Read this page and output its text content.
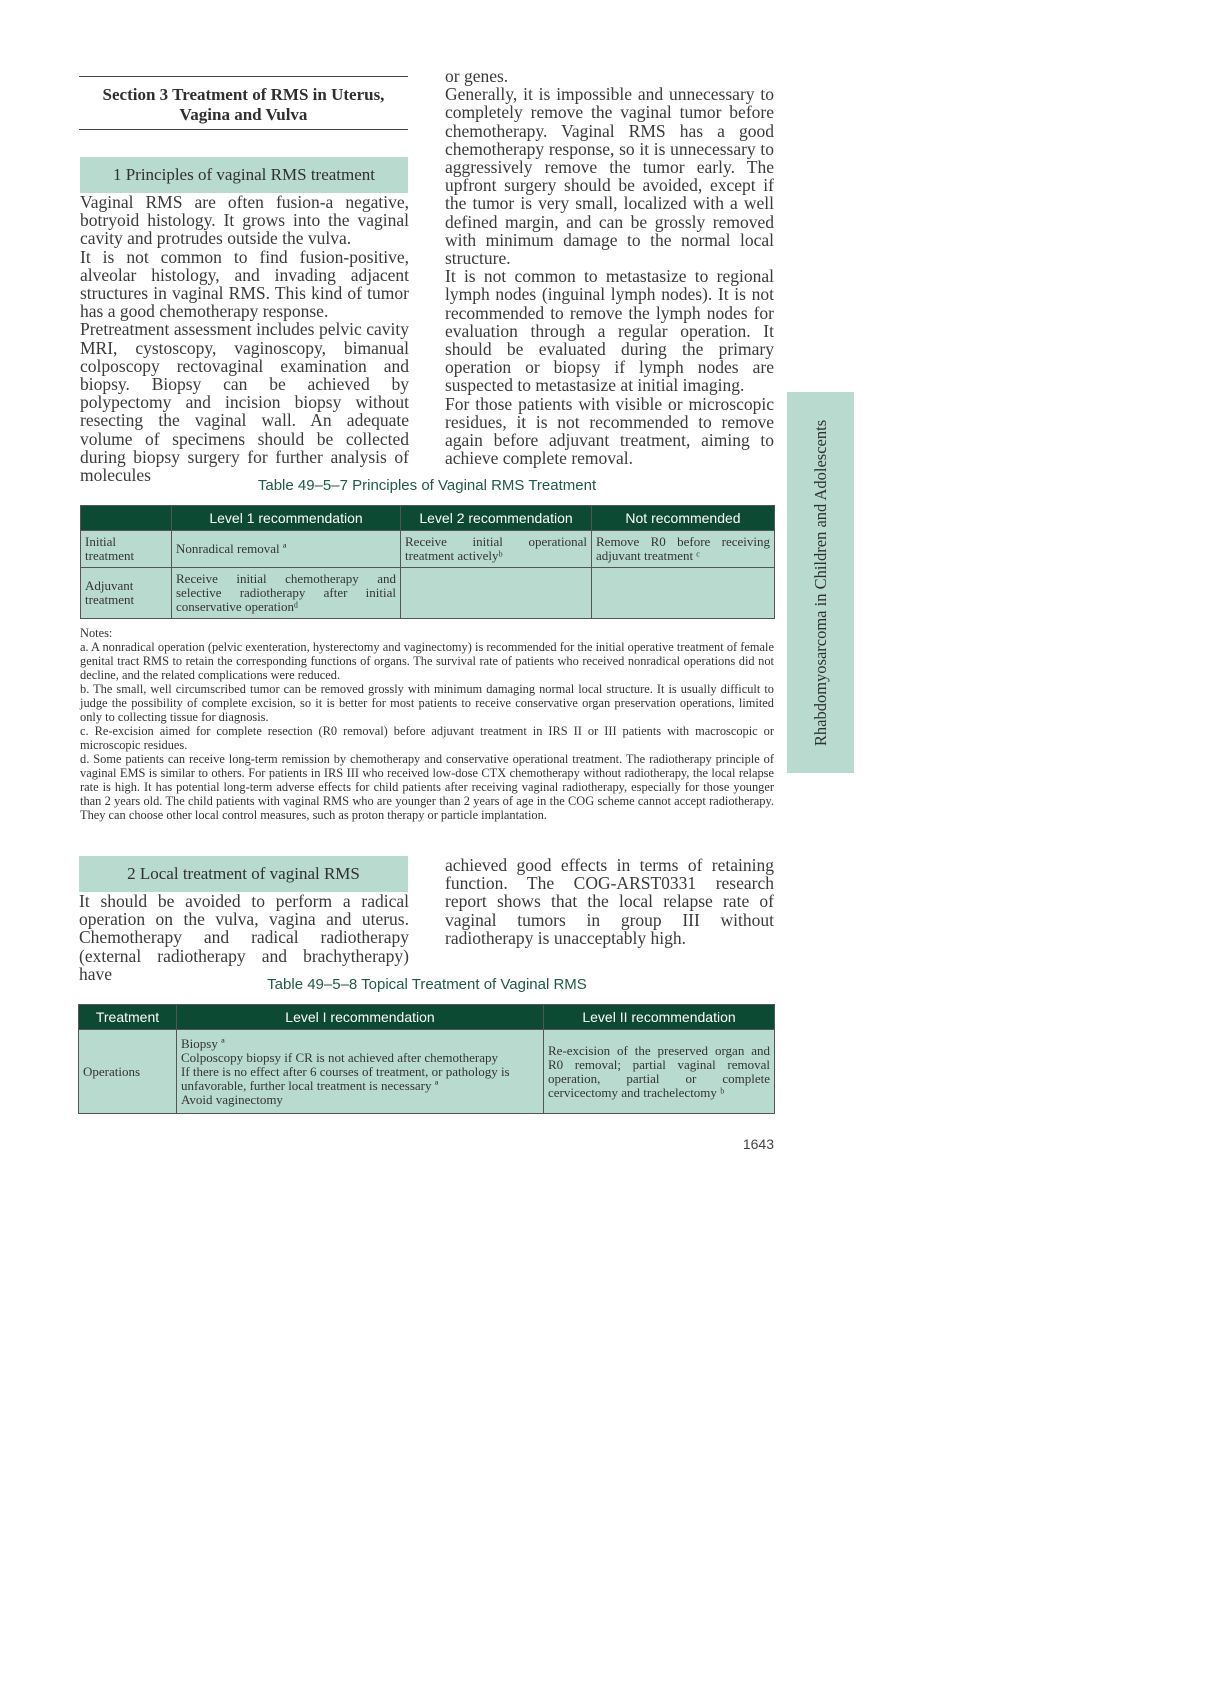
Section 3 Treatment of RMS in Uterus,
Vagina and Vulva
1 Principles of vaginal RMS treatment

Vaginal RMS are often fusion-a negative, botryoid histology. It grows into the vaginal cavity and protrudes outside the vulva.

It is not common to find fusion-positive, alveolar histology, and invading adjacent structures in vaginal RMS. This kind of tumor has a good chemotherapy response.

Pretreatment assessment includes pelvic cavity MRI, cystoscopy, vaginoscopy, bimanual colposcopy rectovaginal examination and biopsy. Biopsy can be achieved by polypectomy and incision biopsy without resecting the vaginal wall. An adequate volume of specimens should be collected during biopsy surgery for further analysis of molecules

or genes.

Generally, it is impossible and unnecessary to completely remove the vaginal tumor before chemotherapy. Vaginal RMS has a good chemotherapy response, so it is unnecessary to aggressively remove the tumor early. The upfront surgery should be avoided, except if the tumor is very small, localized with a well defined margin, and can be grossly removed with minimum damage to the normal local structure.

It is not common to metastasize to regional lymph nodes (inguinal lymph nodes). It is not recommended to remove the lymph nodes for evaluation through a regular operation. It should be evaluated during the primary operation or biopsy if lymph nodes are suspected to metastasize at initial imaging.

For those patients with visible or microscopic residues, it is not recommended to remove again before adjuvant treatment, aiming to achieve complete removal.

Table 49–5–7 Principles of Vaginal RMS Treatment
	Level 1 recommendation	Level 2 recommendation	Not recommended
Initial treatment	Nonradical removal ª	Receive initial operational treatment activelyᵇ	Remove R0 before receiving adjuvant treatment ᶜ
Adjuvant treatment	Receive initial chemotherapy and selective radiotherapy after initial conservative operationᵈ		

Notes:

a. A nonradical operation (pelvic exenteration, hysterectomy and vaginectomy) is recommended for the initial operative treatment of female genital tract RMS to retain the corresponding functions of organs. The survival rate of patients who received nonradical operations did not decline, and the related complications were reduced.

b. The small, well circumscribed tumor can be removed grossly with minimum damaging normal local structure. It is usually difficult to judge the possibility of complete excision, so it is better for most patients to receive conservative organ preservation operations, limited only to collecting tissue for diagnosis.

c. Re-excision aimed for complete resection (R0 removal) before adjuvant treatment in IRS II or III patients with macroscopic or microscopic residues.

d. Some patients can receive long-term remission by chemotherapy and conservative operational treatment. The radiotherapy principle of vaginal EMS is similar to others. For patients in IRS III who received low-dose CTX chemotherapy without radiotherapy, the local relapse rate is high. It has potential long-term adverse effects for child patients after receiving vaginal radiotherapy, especially for those younger than 2 years old. The child patients with vaginal RMS who are younger than 2 years of age in the COG scheme cannot accept radiotherapy. They can choose other local control measures, such as proton therapy or particle implantation.

2 Local treatment of vaginal RMS

It should be avoided to perform a radical operation on the vulva, vagina and uterus. Chemotherapy and radical radiotherapy (external radiotherapy and brachytherapy) have

achieved good effects in terms of retaining function. The COG-ARST0331 research report shows that the local relapse rate of vaginal tumors in group III without radiotherapy is unacceptably high.

Table 49–5–8 Topical Treatment of Vaginal RMS
Treatment	Level I recommendation	Level II recommendation
Operations	Biopsy ª
Colposcopy biopsy if CR is not achieved after chemotherapy
If there is no effect after 6 courses of treatment, or pathology is unfavorable, further local treatment is necessary ª
Avoid vaginectomy	Re-excision of the preserved organ and R0 removal; partial vaginal removal operation, partial or complete cervicectomy and trachelectomy ᵇ
1643
Rhabdomyosarcoma in Children and Adolescents
